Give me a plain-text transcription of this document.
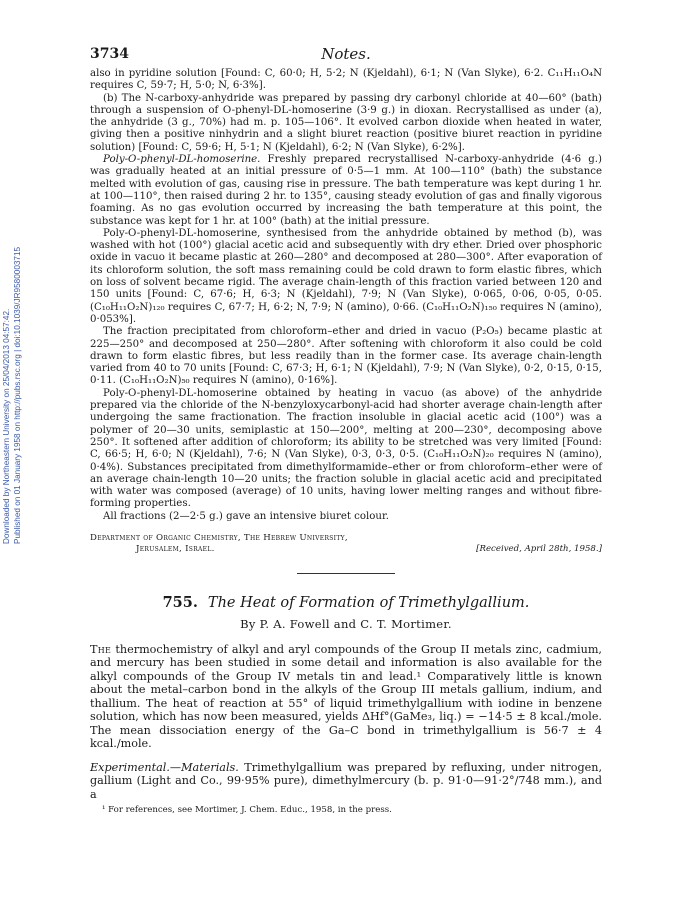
Downloaded by Northeastern University on 25/04/2013 04:57:42. Published on 01 January 1958 on http://pubs.rsc.org | doi:10.1039/JR9580003715
3734	Notes.

also in pyridine solution [Found: C, 60·0; H, 5·2; N (Kjeldahl), 6·1; N (Van Slyke), 6·2. C₁₁H₁₁O₄N requires C, 59·7; H, 5·0; N, 6·3%].

(b) The N-carboxy-anhydride was prepared by passing dry carbonyl chloride at 40—60° (bath) through a suspension of O-phenyl-DL-homoserine (3·9 g.) in dioxan. Recrystallised as under (a), the anhydride (3 g., 70%) had m. p. 105—106°. It evolved carbon dioxide when heated in water, giving then a positive ninhydrin and a slight biuret reaction (positive biuret reaction in pyridine solution) [Found: C, 59·6; H, 5·1; N (Kjeldahl), 6·2; N (Van Slyke), 6·2%].

Poly-O-phenyl-DL-homoserine. Freshly prepared recrystallised N-carboxy-anhydride (4·6 g.) was gradually heated at an initial pressure of 0·5—1 mm. At 100—110° (bath) the substance melted with evolution of gas, causing rise in pressure. The bath temperature was kept during 1 hr. at 100—110°, then raised during 2 hr. to 135°, causing steady evolution of gas and finally vigorous foaming. As no gas evolution occurred by increasing the bath temperature at this point, the substance was kept for 1 hr. at 100° (bath) at the initial pressure.

Poly-O-phenyl-DL-homoserine, synthesised from the anhydride obtained by method (b), was washed with hot (100°) glacial acetic acid and subsequently with dry ether. Dried over phosphoric oxide in vacuo it became plastic at 260—280° and decomposed at 280—300°. After evaporation of its chloroform solution, the soft mass remaining could be cold drawn to form elastic fibres, which on loss of solvent became rigid. The average chain-length of this fraction varied between 120 and 150 units [Found: C, 67·6; H, 6·3; N (Kjeldahl), 7·9; N (Van Slyke), 0·065, 0·06, 0·05, 0·05. (C₁₀H₁₁O₂N)₁₂₀ requires C, 67·7; H, 6·2; N, 7·9; N (amino), 0·66. (C₁₀H₁₁O₂N)₁₅₀ requires N (amino), 0·053%].

The fraction precipitated from chloroform–ether and dried in vacuo (P₂O₅) became plastic at 225—250° and decomposed at 250—280°. After softening with chloroform it also could be cold drawn to form elastic fibres, but less readily than in the former case. Its average chain-length varied from 40 to 70 units [Found: C, 67·3; H, 6·1; N (Kjeldahl), 7·9; N (Van Slyke), 0·2, 0·15, 0·15, 0·11. (C₁₀H₁₁O₂N)₅₀ requires N (amino), 0·16%].

Poly-O-phenyl-DL-homoserine obtained by heating in vacuo (as above) of the anhydride prepared via the chloride of the N-benzyloxycarbonyl-acid had shorter average chain-length after undergoing the same fractionation. The fraction insoluble in glacial acetic acid (100°) was a polymer of 20—30 units, semiplastic at 150—200°, melting at 200—230°, decomposing above 250°. It softened after addition of chloroform; its ability to be stretched was very limited [Found: C, 66·5; H, 6·0; N (Kjeldahl), 7·6; N (Van Slyke), 0·3, 0·3, 0·5. (C₁₀H₁₁O₂N)₂₀ requires N (amino), 0·4%). Substances precipitated from dimethylformamide–ether or from chloroform–ether were of an average chain-length 10—20 units; the fraction soluble in glacial acetic acid and precipitated with water was composed (average) of 10 units, having lower melting ranges and without fibre-forming properties.

All fractions (2—2·5 g.) gave an intensive biuret colour.

Department of Organic Chemistry, The Hebrew University,
Jerusalem, Israel.	[Received, April 28th, 1958.]
755. The Heat of Formation of Trimethylgallium.
By P. A. Fowell and C. T. Mortimer.

The thermochemistry of alkyl and aryl compounds of the Group II metals zinc, cadmium, and mercury has been studied in some detail and information is also available for the alkyl compounds of the Group IV metals tin and lead.¹ Comparatively little is known about the metal–carbon bond in the alkyls of the Group III metals gallium, indium, and thallium. The heat of reaction at 55° of liquid trimethylgallium with iodine in benzene solution, which has now been measured, yields ΔHf°(GaMe₃, liq.) = −14·5 ± 8 kcal./mole. The mean dissociation energy of the Ga–C bond in trimethylgallium is 56·7 ± 4 kcal./mole.

Experimental.—Materials. Trimethylgallium was prepared by refluxing, under nitrogen, gallium (Light and Co., 99·95% pure), dimethylmercury (b. p. 91·0—91·2°/748 mm.), and a

¹ For references, see Mortimer, J. Chem. Educ., 1958, in the press.
